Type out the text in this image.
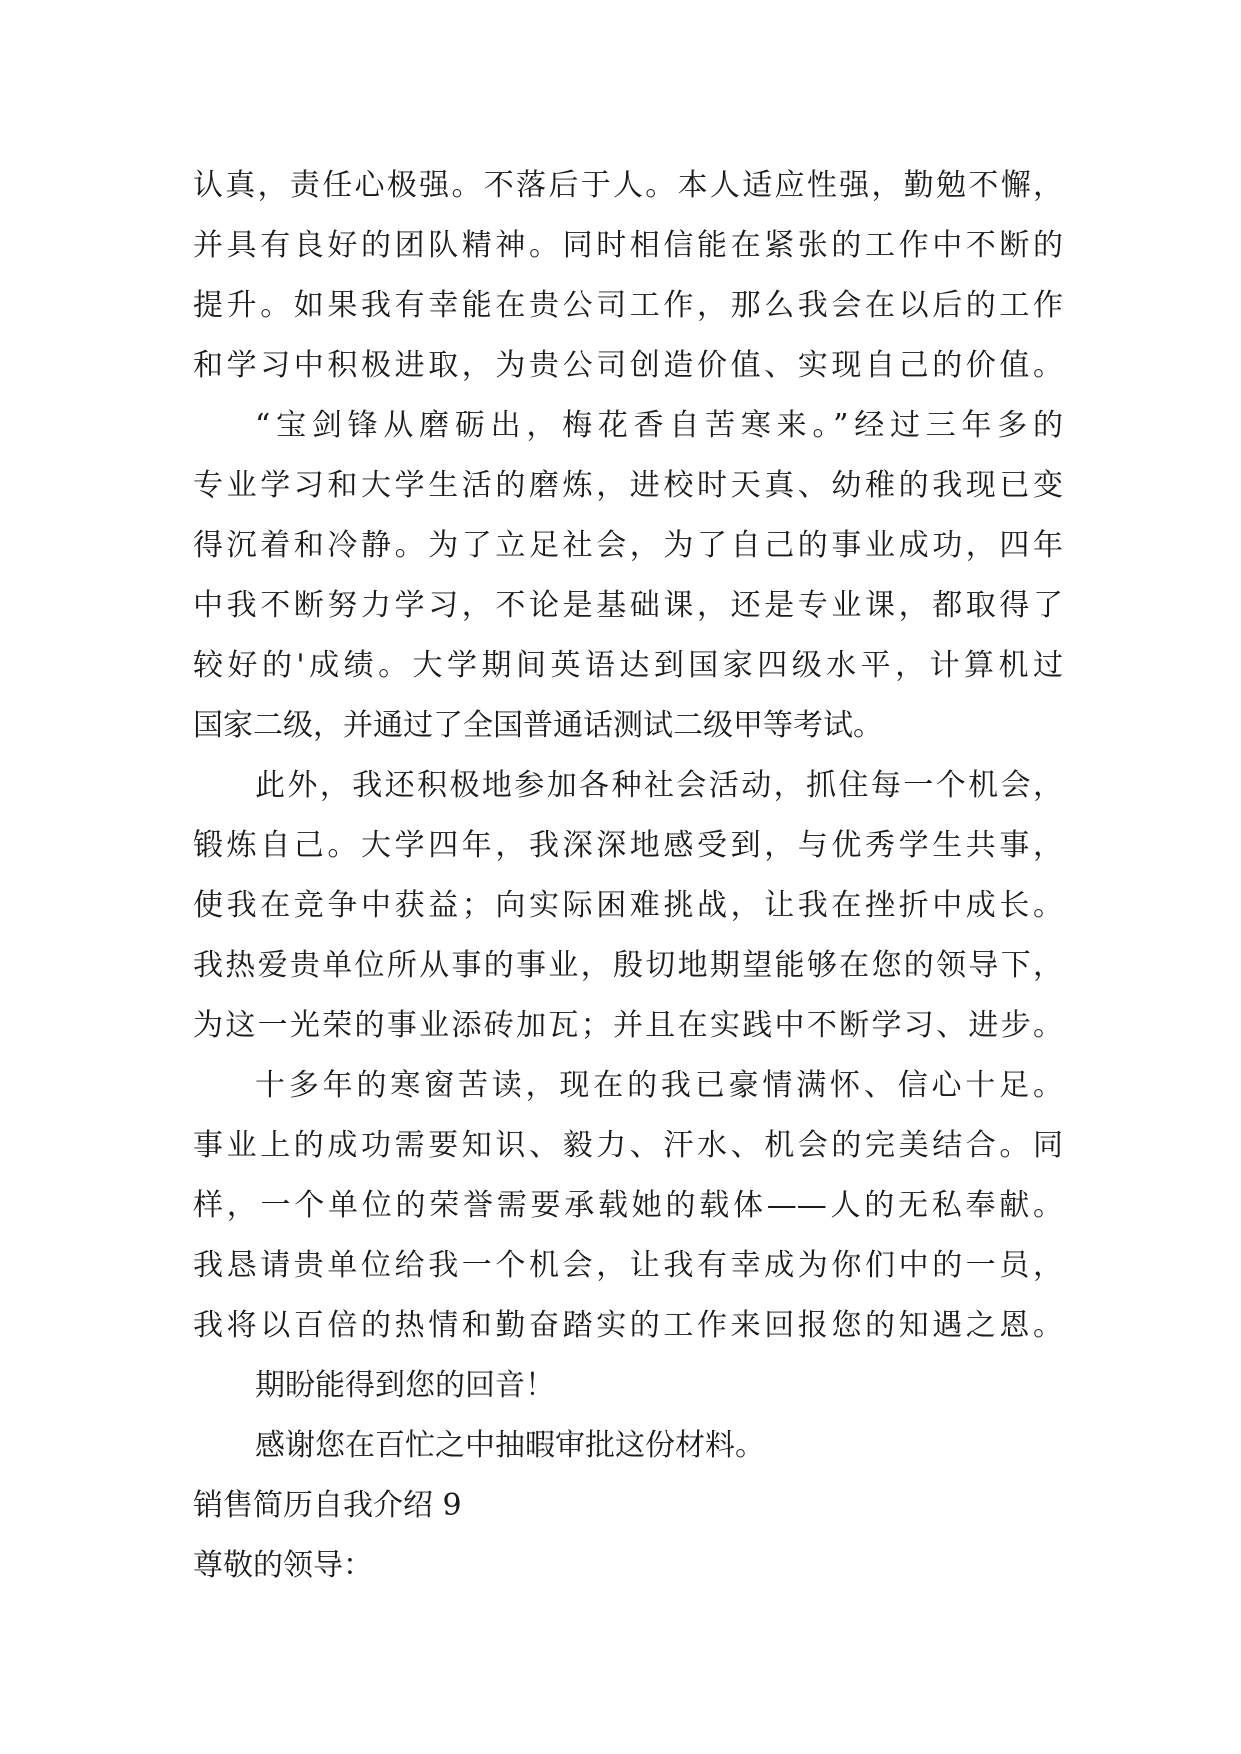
认真，责任心极强。不落后于人。本人适应性强，勤勉不懈，
并具有良好的团队精神。同时相信能在紧张的工作中不断的
提升。如果我有幸能在贵公司工作，那么我会在以后的工作
和学习中积极进取，为贵公司创造价值、实现自己的价值。
“宝剑锋从磨砺出，梅花香自苦寒来。”经过三年多的
专业学习和大学生活的磨炼，进校时天真、幼稚的我现已变
得沉着和冷静。为了立足社会，为了自己的事业成功，四年
中我不断努力学习，不论是基础课，还是专业课，都取得了
较好的'成绩。大学期间英语达到国家四级水平，计算机过
国家二级，并通过了全国普通话测试二级甲等考试。
此外，我还积极地参加各种社会活动，抓住每一个机会，
锻炼自己。大学四年，我深深地感受到，与优秀学生共事，
使我在竞争中获益；向实际困难挑战，让我在挫折中成长。
我热爱贵单位所从事的事业，殷切地期望能够在您的领导下，
为这一光荣的事业添砖加瓦；并且在实践中不断学习、进步。
十多年的寒窗苦读，现在的我已豪情满怀、信心十足。
事业上的成功需要知识、毅力、汗水、机会的完美结合。同
样，一个单位的荣誉需要承载她的载体——人的无私奉献。
我恳请贵单位给我一个机会，让我有幸成为你们中的一员，
我将以百倍的热情和勤奋踏实的工作来回报您的知遇之恩。
期盼能得到您的回音！
感谢您在百忙之中抽暇审批这份材料。
销售简历自我介绍 9
尊敬的领导：
